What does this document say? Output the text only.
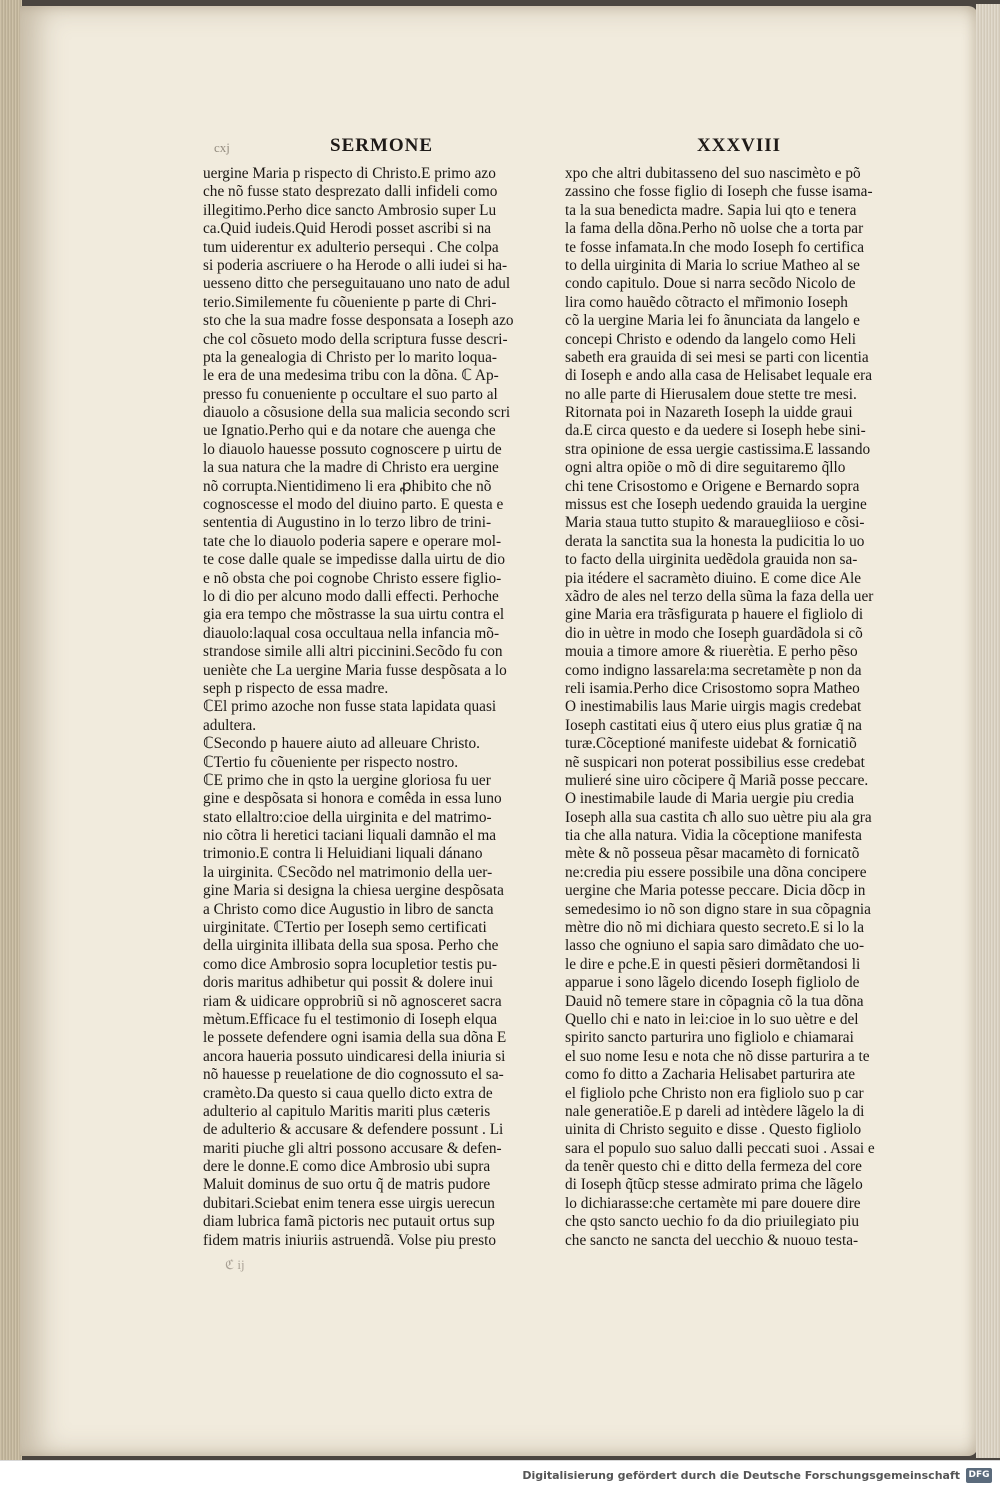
cxj	SERMONE	XXXVIII
uergine Maria p rispecto di Christo.E primo azo
che nõ fusse stato desprezato dalli infideli como
illegitimo.Perho dice sancto Ambrosio super Lu
ca.Quid iudeis.Quid Herodi posset ascribi si na
tum uiderentur ex adulterio persequi . Che colpa
si poderia ascriuere o ha Herode o alli iudei si ha-
uessenο ditto che perseguitauano uno nato de adul
terio.Similemente fu cõueniente p parte di Chri-
sto che la sua madre fosse desponsata a Ioseph azo
che col cõsueto modo della scriptura fusse descri-
pta la genealogia di Christo per lo marito loqua-
le era de una medesima tribu con la dõna. ℂ Ap-
presso fu conueniente p occultare el suo parto al
diauolo a cõsusione della sua malicia secondo scri
ue Ignatio.Perho qui e da notare che auenga che
lo diauolo hauesse possuto cognoscere p uirtu de
la sua natura che la madre di Christo era uergine
nõ corrupta.Nientidimeno li era ꝓhibito che nõ
cognoscesse el modo del diuino parto. E questa e
sententia di Augustino in lo terzo libro de trini-
tate che lo diauolo poderia sapere e operare mol-
te cose dalle quale se impedisse dalla uirtu de dio
e nõ obsta che poi cognobe Christo essere figlio-
lo di dio per alcuno modo dalli effecti. Perhoche
gia era tempo che mõstrasse la sua uirtu contra el
diauolo:laqual cosa occultaua nella infancia mõ-
strandose simile alli altri piccinini.Secõdo fu con
ueniète che La uergine Maria fusse despõsata a lo
seph p rispecto de essa madre.
ℂEl primo azoche non fusse stata lapidata quasi
adultera.
ℂSecondo p hauere aiuto ad alleuare Christo.
ℂTertio fu cõueniente per rispecto nostro.
ℂE primo che in qsto la uergine gloriosa fu uer
gine e despõsata si honora e comêda in essa luno
stato ellaltro:cioe della uirginita e del matrimo-
nio cõtra li heretici taciani liquali damnão el ma
trimonio.E contra li Heluidiani liquali dánano
la uirginita. ℂSecõdo nel matrimonio della uer-
gine Maria si designa la chiesa uergine despõsata
a Christo como dice Augustio in libro de sancta
uirginitate. ℂTertio per Ioseph semo certificati
della uirginita illibata della sua sposa. Perho che
como dice Ambrosio sopra locupletior testis pu-
doris maritus adhibetur qui possit & dolere inui
riam & uidicare opprobriũ si nõ agnosceret sacra
mètum.Efficace fu el testimonio di Ioseph elqua
le possete defendere ogni isamia della sua dõna E
ancora haueria possuto uindicaresi della iniuria si
nõ hauesse p reuelatione de dio cognossuto el sa-
cramèto.Da questo si caua quello dicto extra de
adulterio al capitulo Maritis mariti plus cæteris
de adulterio & accusare & defendere possunt . Li
mariti piuche gli altri possono accusare & defen-
dere le donne.E como dice Ambrosio ubi supra
Maluit dominus de suo ortu q̃ de matris pudore
dubitari.Sciebat enim tenera esse uirgis uerecun
diam lubrica famã pictoris nec putauit ortus sup
fidem matris iniuriis astruendã. Volse piu presto
xpo che altri dubitasseno del suo nascimèto e põ
zassino che fosse figlio di Ioseph che fusse isama-
ta la sua benedicta madre. Sapia lui qto e tenera
la fama della dõna.Perho nõ uolse che a torta par
te fosse infamata.In che modo Ioseph fo certifica
to della uirginita di Maria lo scriue Matheo al se
condo capitulo. Doue si narra secõdo Nicolo de
lira como hauẽdo cõtracto el mr̃imonio Ioseph
cõ la uergine Maria lei fo ãnunciata da langelo e
concepi Christo e odendo da langelo como Heli
sabeth era grauida di sei mesi se parti con licentia
di Ioseph e ando alla casa de Helisabet lequale era
no alle parte di Hierusalem doue stette tre mesi.
Ritornata poi in Nazareth Ioseph la uidde graui
da.E circa questo e da uedere si Ioseph hebe sini-
stra opinione de essa uergie castissima.E lassando
ogni altra opiõe o mõ di dire seguitaremo q̃llo
chi tene Crisostomo e Origene e Bernardo sopra
missus est che Ioseph uedendo grauida la uergine
Maria staua tutto stupito & marauegliioso e cõsi-
derata la sanctita sua la honesta la pudicitia lo uo
to facto della uirginita uedẽdola grauida non sa-
pia itédere el sacramèto diuino. E come dice Ale
xãdro de ales nel terzo della sũma la faza della uer
gine Maria era trãsfigurata p hauere el figliolo di
dio in uètre in modo che Ioseph guardãdola si cõ
mouia a timore amore & riuerètia. E perho pẽso
como indigno lassarela:ma secretamète p non da
reli isamia.Perho dice Crisostomo sopra Matheo
O inestimabilis laus Marie uirgis magis credebat
Ioseph castitati eius q̃ utero eius plus gratiæ q̃ na
turæ.Cõceptioné manifeste uidebat & fornicatiõ
nẽ suspicari non poterat possibilius esse credebat
mulieré sine uiro cõcipere q̃ Mariã posse peccare.
O inestimabile laude di Maria uergie piu credia
Ioseph alla sua castita cħ allo suo uètre piu ala gra
tia che alla natura. Vidia la cõceptione manifesta
mète & nõ posseua pẽsar macamèto di fornicatõ
ne:credia piu essere possibile una dõna concipere
uergine che Maria potesse peccare. Dicia dõcp in
semedesimo io nõ son digno stare in sua cõpagnia
mètre dio nõ mi dichiara questo secreto.E si lo la
lasso che ogniuno el sapia saro dimãdato che uo-
le dire e pche.E in questi pẽsieri dormẽtandosi li
apparue i sono lãgelo dicendo Ioseph figliolo de
Dauid nõ temere stare in cõpagnia cõ la tua dõna
Quello chi e nato in lei:cioe in lo suo uètre e del
spirito sancto parturira uno figliolo e chiamarai
el suo nome Iesu e nota che nõ disse parturira a te
como fo ditto a Zacharia Helisabet parturira ate
el figliolo pche Christo non era figliolo suo p car
nale generatiõe.E p dareli ad intèdere lãgelo la di
uinita di Christo seguito e disse . Questo figliolo
sara el populo suo saluo dalli peccati suoi . Assai e
da tenẽr questo chi e ditto della fermeza del core
di Ioseph q̃tũcp stesse admirato prima che lãgelo
lo dichiarasse:che certamète mi pare douere dire
che qsto sancto uechio fo da dio priuilegiato piu
che sancto ne sancta del uecchio & nuouo testa-
ℭ ij
Digitalisierung gefördert durch die Deutsche Forschungsgemeinschaft DFG
